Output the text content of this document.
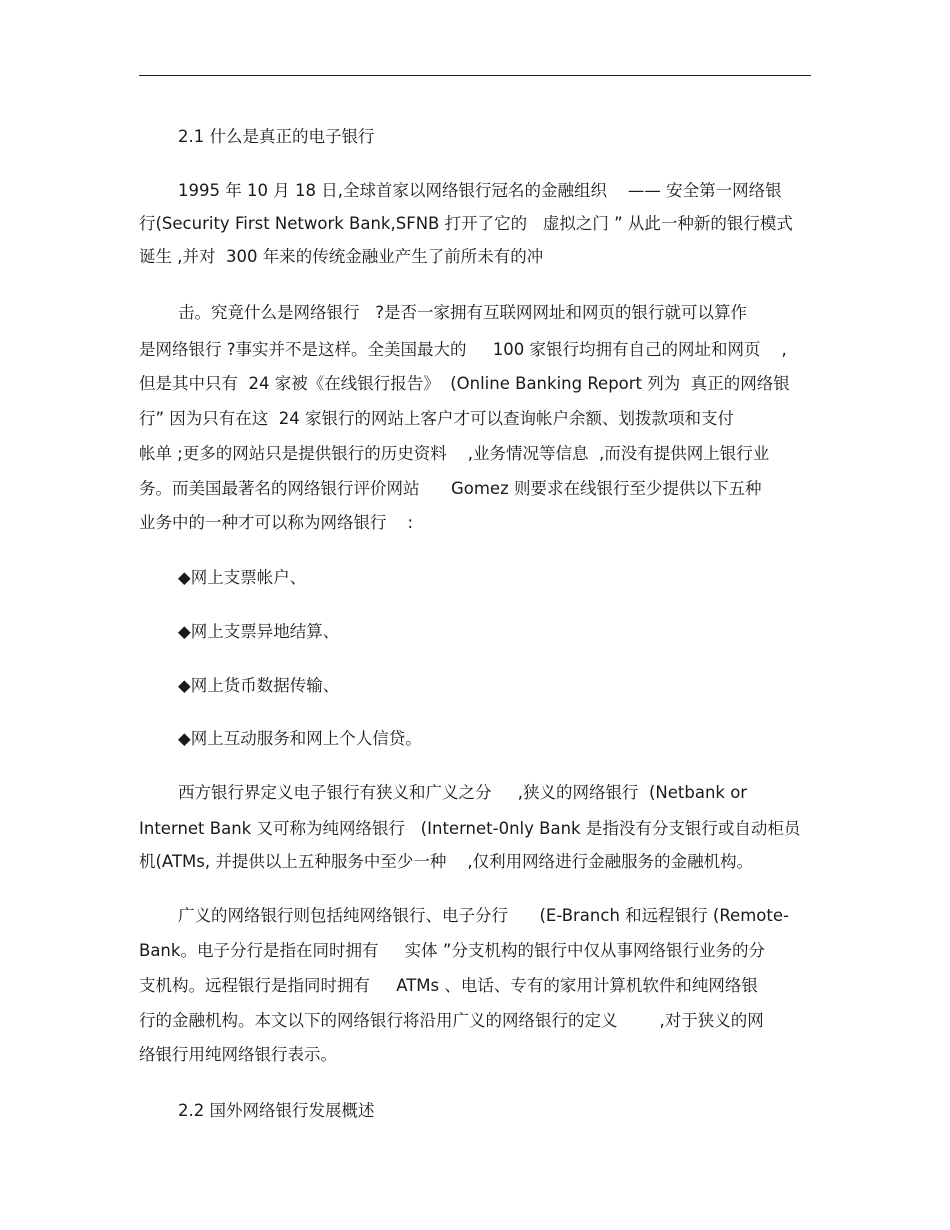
2.1 什么是真正的电子银行
1995 年 10 月 18 日,全球首家以网络银行冠名的金融组织    —— 安全第一网络银
行(Security First Network Bank,SFNB 打开了它的   虚拟之门 ” 从此一种新的银行模式
诞生 ,并对  300 年来的传统金融业产生了前所未有的冲
击。究竟什么是网络银行   ?是否一家拥有互联网网址和网页的银行就可以算作
是网络银行 ?事实并不是这样。全美国最大的     100 家银行均拥有自己的网址和网页    ,
但是其中只有  24 家被《在线银行报告》  (Online Banking Report 列为  真正的网络银
行” 因为只有在这  24 家银行的网站上客户才可以查询帐户余额、划拨款项和支付
帐单 ;更多的网站只是提供银行的历史资料    ,业务情况等信息  ,而没有提供网上银行业
务。而美国最著名的网络银行评价网站      Gomez 则要求在线银行至少提供以下五种
业务中的一种才可以称为网络银行    :
◆网上支票帐户、
◆网上支票异地结算、
◆网上货币数据传输、
◆网上互动服务和网上个人信贷。
西方银行界定义电子银行有狭义和广义之分     ,狭义的网络银行  (Netbank or
Internet Bank 又可称为纯网络银行   (Internet-0nly Bank 是指没有分支银行或自动柜员
机(ATMs, 并提供以上五种服务中至少一种    ,仅利用网络进行金融服务的金融机构。
广义的网络银行则包括纯网络银行、电子分行      (E-Branch 和远程银行 (Remote-
Bank。电子分行是指在同时拥有     实体 ”分支机构的银行中仅从事网络银行业务的分
支机构。远程银行是指同时拥有     ATMs 、电话、专有的家用计算机软件和纯网络银
行的金融机构。本文以下的网络银行将沿用广义的网络银行的定义        ,对于狭义的网
络银行用纯网络银行表示。
2.2 国外网络银行发展概述
